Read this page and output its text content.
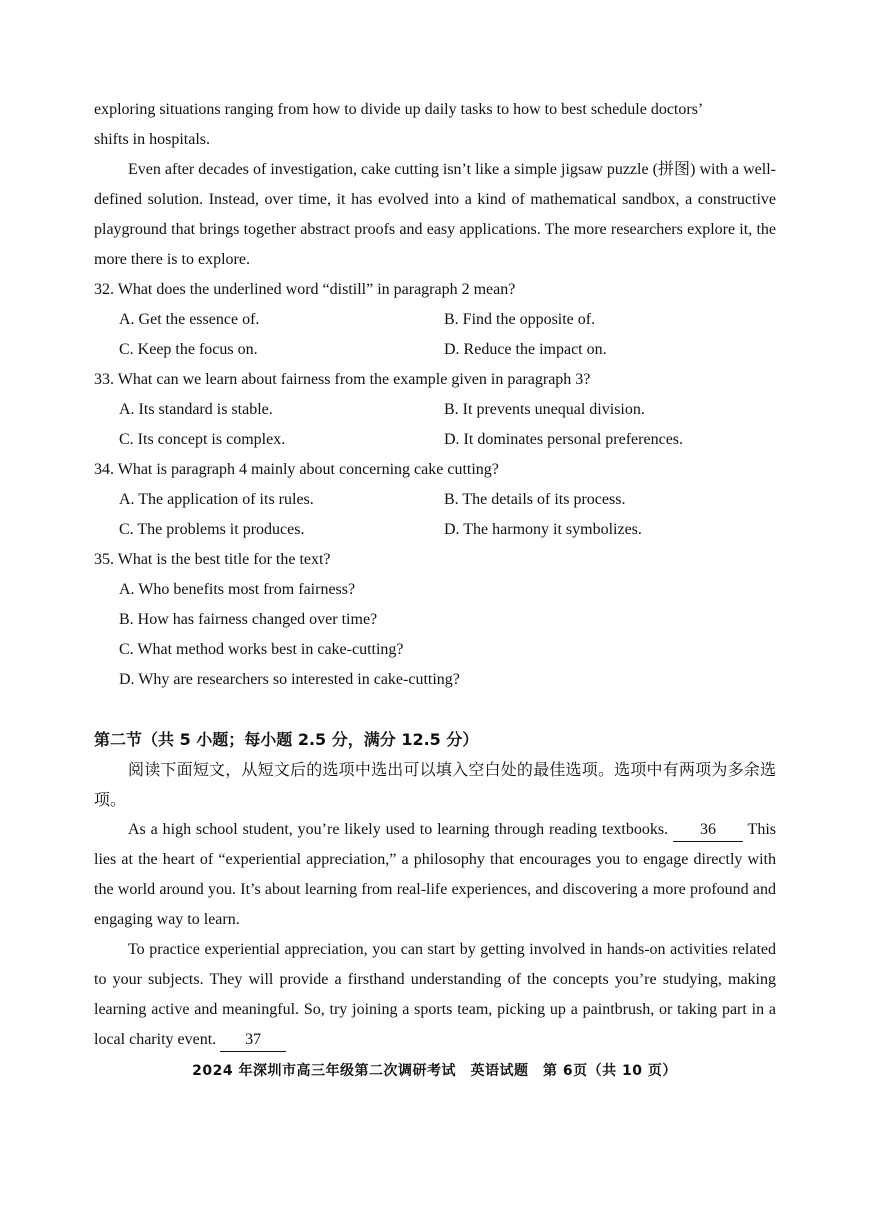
exploring situations ranging from how to divide up daily tasks to how to best schedule doctors’
shifts in hospitals.
Even after decades of investigation, cake cutting isn’t like a simple jigsaw puzzle (拼图) with a well-defined solution. Instead, over time, it has evolved into a kind of mathematical sandbox, a constructive playground that brings together abstract proofs and easy applications. The more researchers explore it, the more there is to explore.
32. What does the underlined word “distill” in paragraph 2 mean?
A. Get the essence of.	B. Find the opposite of.
C. Keep the focus on.	D. Reduce the impact on.
33. What can we learn about fairness from the example given in paragraph 3?
A. Its standard is stable.	B. It prevents unequal division.
C. Its concept is complex.	D. It dominates personal preferences.
34. What is paragraph 4 mainly about concerning cake cutting?
A. The application of its rules.	B. The details of its process.
C. The problems it produces.	D. The harmony it symbolizes.
35. What is the best title for the text?
A. Who benefits most from fairness?
B. How has fairness changed over time?
C. What method works best in cake-cutting?
D. Why are researchers so interested in cake-cutting?
第二节（共 5 小题；每小题 2.5 分，满分 12.5 分）
阅读下面短文，从短文后的选项中选出可以填入空白处的最佳选项。选项中有两项为多余选项。
As a high school student, you’re likely used to learning through reading textbooks. 36 This lies at the heart of “experiential appreciation,” a philosophy that encourages you to engage directly with the world around you. It’s about learning from real-life experiences, and discovering a more profound and engaging way to learn.
To practice experiential appreciation, you can start by getting involved in hands-on activities related to your subjects. They will provide a firsthand understanding of the concepts you’re studying, making learning active and meaningful. So, try joining a sports team, picking up a paintbrush, or taking part in a local charity event. 37
2024 年深圳市高三年级第二次调研考试　英语试题　第 6页（共 10 页）
